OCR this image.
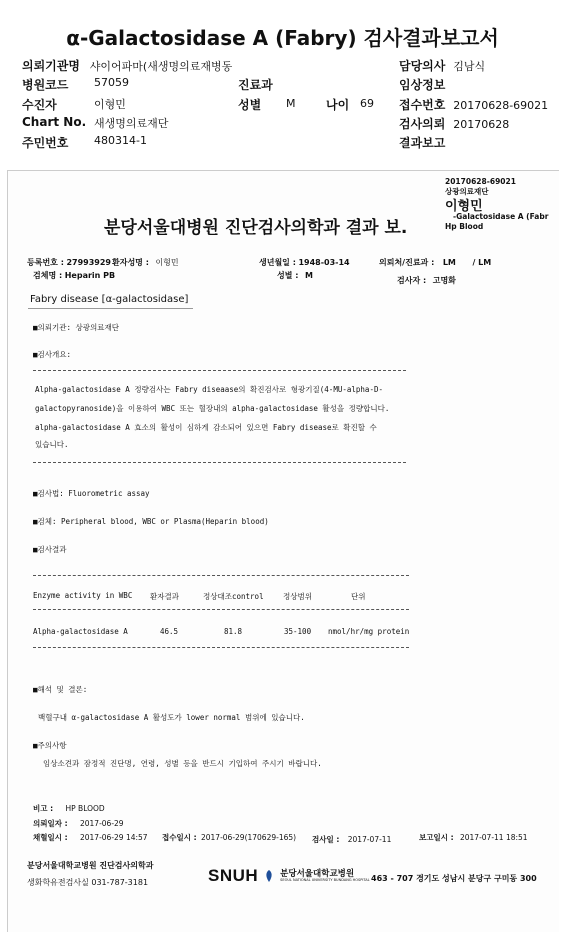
α-Galactosidase A (Fabry) 검사결과보고서
의뢰기관명 샤이어파마(새생명의료재병동
병원코드 57059
수진자	이형민
Chart No. 새생명의료재단
주민번호 480314-1
진료과
성별 M	나이 69
담당의사 김남식
임상정보
접수번호 20170628-69021
검사의뢰 20170628
결과보고
20170628-69021
상광의료재단
이형민
-Galactosidase A (Fabr
Hp Blood
분당서울대병원 진단검사의학과 결과 보.
등록번호 : 27993929 환자성명 : 이형민	생년월일 : 1948-03-14	의뢰처/진료과 : LM / LM
검체명 : Heparin PB	성별 : M
검사자 : 고명화
Fabry disease [α-galactosidase]
■의뢰기관: 상광의료재단
■검사개요:
Alpha-galactosidase A 정량검사는 Fabry diseaase의 확진검사로 형광기질(4-MU-alpha-D-
galactopyranoside)을 이용하여 WBC 또는 혈장내의 alpha-galactosidase 활성을 정량합니다.
alpha-galactosidase A 효소의 활성이 심하게 감소되어 있으면 Fabry disease로 확진할 수
있습니다.
■검사법: Fluorometric assay
■검체: Peripheral blood, WBC or Plasma(Heparin blood)
■검사결과
Enzyme activity in WBC 환자결과	정상대조control	정상범위	단위
Alpha-galactosidase A	46.5	81.8	35-100 nmol/hr/mg protein
■해석 및 결론:
백혈구내 α-galactosidase A 활성도가 lower normal 범위에 있습니다.
■주의사항
임상소견과 잠정적 진단명, 연령, 성별 등을 반드시 기입하여 주시기 바랍니다.
비고 : HP BLOOD
의뢰일자 : 2017-06-29
채혈일시 : 2017-06-29 14:57 접수일시 : 2017-06-29(170629-165) 검사일 : 2017-07-11	보고일시 : 2017-07-11 18:51
분당서울대학교병원 진단검사의학과
생화학유전검사실 031-787-3181	SNUH	분당서울대학교병원
SEOUL NATIONAL UNIVERSITY BUNDANG HOSPITAL 463 - 707 경기도 성남시 분당구 구미동 300
